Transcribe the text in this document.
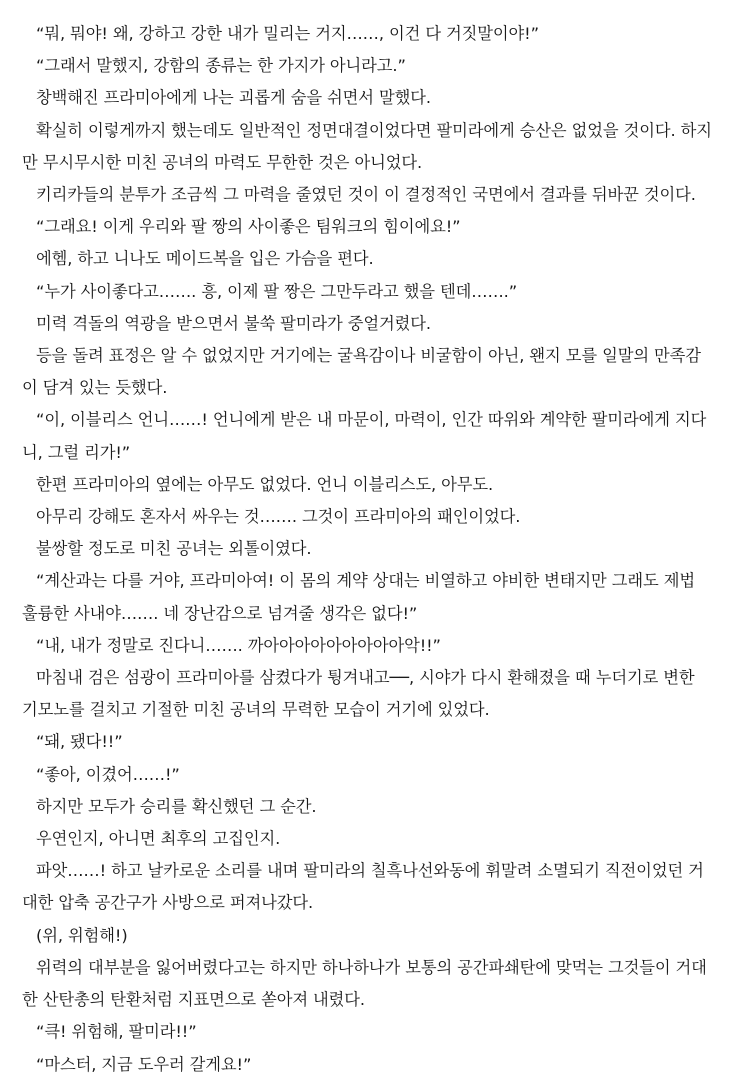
“뭐, 뭐야! 왜, 강하고 강한 내가 밀리는 거지……, 이건 다 거짓말이야!”

“그래서 말했지, 강함의 종류는 한 가지가 아니라고.”

창백해진 프라미아에게 나는 괴롭게 숨을 쉬면서 말했다.

확실히 이렇게까지 했는데도 일반적인 정면대결이었다면 팔미라에게 승산은 없었을 것이다. 하지만 무시무시한 미친 공녀의 마력도 무한한 것은 아니었다.

키리카들의 분투가 조금씩 그 마력을 줄였던 것이 이 결정적인 국면에서 결과를 뒤바꾼 것이다.

“그래요! 이게 우리와 팔 짱의 사이좋은 팀워크의 힘이에요!”

에헴, 하고 니나도 메이드복을 입은 가슴을 편다.

“누가 사이좋다고……. 흥, 이제 팔 짱은 그만두라고 했을 텐데…….”

미력 격돌의 역광을 받으면서 불쑥 팔미라가 중얼거렸다.

등을 돌려 표정은 알 수 없었지만 거기에는 굴욕감이나 비굴함이 아닌, 왠지 모를 일말의 만족감이 담겨 있는 듯했다.

“이, 이블리스 언니……! 언니에게 받은 내 마문이, 마력이, 인간 따위와 계약한 팔미라에게 지다니, 그럴 리가!”

한편 프라미아의 옆에는 아무도 없었다. 언니 이블리스도, 아무도.

아무리 강해도 혼자서 싸우는 것……. 그것이 프라미아의 패인이었다.

불쌍할 정도로 미친 공녀는 외톨이였다.

“계산과는 다를 거야, 프라미아여! 이 몸의 계약 상대는 비열하고 야비한 변태지만 그래도 제법 훌륭한 사내야……. 네 장난감으로 넘겨줄 생각은 없다!”

“내, 내가 정말로 진다니……. 까아아아아아아아아아악!!”

마침내 검은 섬광이 프라미아를 삼켰다가 튕겨내고──, 시야가 다시 환해졌을 때 누더기로 변한 기모노를 걸치고 기절한 미친 공녀의 무력한 모습이 거기에 있었다.

“돼, 됐다!!”

“좋아, 이겼어……!”

하지만 모두가 승리를 확신했던 그 순간.

우연인지, 아니면 최후의 고집인지.

파앗……! 하고 날카로운 소리를 내며 팔미라의 칠흑나선와동에 휘말려 소멸되기 직전이었던 거대한 압축 공간구가 사방으로 퍼져나갔다.

(위, 위험해!)

위력의 대부분을 잃어버렸다고는 하지만 하나하나가 보통의 공간파쇄탄에 맞먹는 그것들이 거대한 산탄총의 탄환처럼 지표면으로 쏟아져 내렸다.

“큭! 위험해, 팔미라!!”

“마스터, 지금 도우러 갈게요!”
